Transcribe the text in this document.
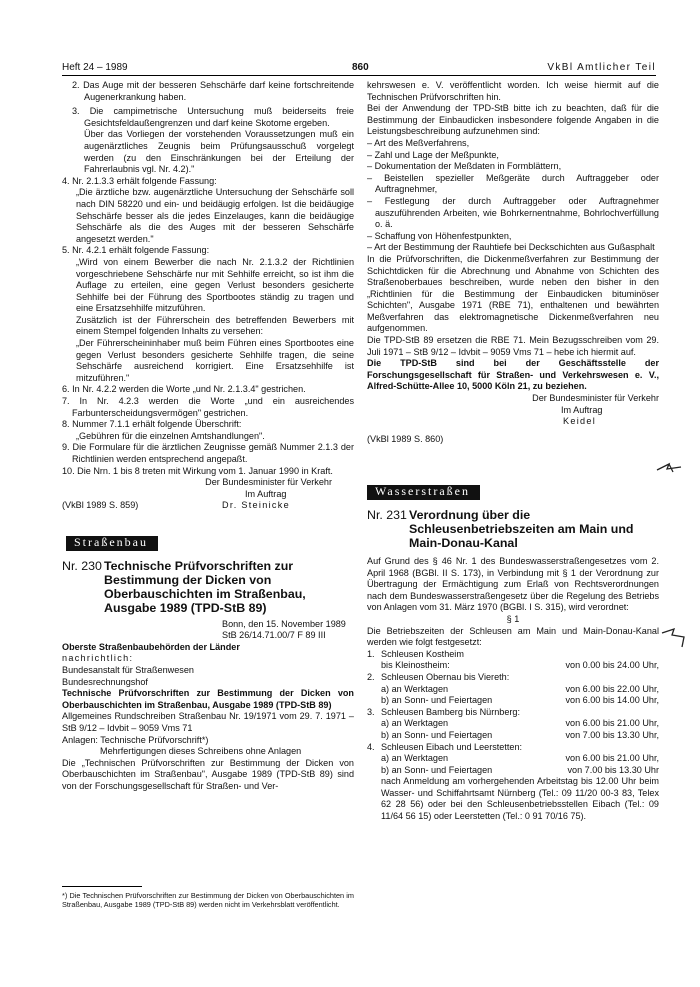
Heft 24 – 1989	860	VkBl Amtlicher Teil

2. Das Auge mit der besseren Sehschärfe darf keine fortschreitende Augenerkrankung haben.

3. Die campimetrische Untersuchung muß beiderseits freie Gesichtsfeldaußengrenzen und darf keine Skotome ergeben.

Über das Vorliegen der vorstehenden Voraussetzungen muß ein augenärztliches Zeugnis beim Prüfungsausschuß vorgelegt werden (zu den Einschränkungen bei der Erteilung der Fahrerlaubnis vgl. Nr. 4.2)."

4. Nr. 2.1.3.3 erhält folgende Fassung:

„Die ärztliche bzw. augenärztliche Untersuchung der Sehschärfe soll nach DIN 58220 und ein- und beidäugig erfolgen. Ist die beidäugige Sehschärfe besser als die jedes Einzelauges, kann die beidäugige Sehschärfe als die des Auges mit der besseren Sehschärfe angesetzt werden."

5. Nr. 4.2.1 erhält folgende Fassung:

„Wird von einem Bewerber die nach Nr. 2.1.3.2 der Richtlinien vorgeschriebene Sehschärfe nur mit Sehhilfe erreicht, so ist ihm die Auflage zu erteilen, eine gegen Verlust besonders gesicherte Sehhilfe bei der Führung des Sportbootes ständig zu tragen und eine Ersatzsehhilfe mitzuführen.

Zusätzlich ist der Führerschein des betreffenden Bewerbers mit einem Stempel folgenden Inhalts zu versehen:

„Der Führerscheininhaber muß beim Führen eines Sportbootes eine gegen Verlust besonders gesicherte Sehhilfe tragen, die seine Sehschärfe ausreichend korrigiert. Eine Ersatzsehhilfe ist mitzuführen."

6. In Nr. 4.2.2 werden die Worte „und Nr. 2.1.3.4" gestrichen.

7. In Nr. 4.2.3 werden die Worte „und ein ausreichendes Farbunterscheidungsvermögen" gestrichen.

8. Nummer 7.1.1 erhält folgende Überschrift:

„Gebühren für die einzelnen Amtshandlungen".

9. Die Formulare für die ärztlichen Zeugnisse gemäß Nummer 2.1.3 der Richtlinien werden entsprechend angepaßt.

10. Die Nrn. 1 bis 8 treten mit Wirkung vom 1. Januar 1990 in Kraft.

Der Bundesminister für Verkehr

Im Auftrag

(VkBl 1989 S. 859)	Dr. Steinicke
Straßenbau
Nr. 230 Technische Prüfvorschriften zur Bestimmung der Dicken von Oberbauschichten im Straßenbau, Ausgabe 1989 (TPD-StB 89)

Bonn, den 15. November 1989

StB 26/14.71.00/7 F 89 III

Oberste Straßenbaubehörden der Länder

nachrichtlich:

Bundesanstalt für Straßenwesen

Bundesrechnungshof

Technische Prüfvorschriften zur Bestimmung der Dicken von Oberbauschichten im Straßenbau, Ausgabe 1989 (TPD-StB 89)

Allgemeines Rundschreiben Straßenbau Nr. 19/1971 vom 29. 7. 1971 – StB 9/12 – Idvbit – 9059 Vms 71

Anlagen: Technische Prüfvorschrift*)

Mehrfertigungen dieses Schreibens ohne Anlagen

Die „Technischen Prüfvorschriften zur Bestimmung der Dicken von Oberbauschichten im Straßenbau", Ausgabe 1989 (TPD-StB 89) sind von der Forschungsgesellschaft für Straßen- und Ver-

*) Die Technischen Prüfvorschriften zur Bestimmung der Dicken von Oberbauschichten im Straßenbau, Ausgabe 1989 (TPD-StB 89) werden nicht im Verkehrsblatt veröffentlicht.

kehrswesen e. V. veröffentlicht worden. Ich weise hiermit auf die Technischen Prüfvorschriften hin.

Bei der Anwendung der TPD-StB bitte ich zu beachten, daß für die Bestimmung der Einbaudicken insbesondere folgende Angaben in die Leistungsbeschreibung aufzunehmen sind:

– Art des Meßverfahrens,

– Zahl und Lage der Meßpunkte,

– Dokumentation der Meßdaten in Formblättern,

– Beistellen spezieller Meßgeräte durch Auftraggeber oder Auftragnehmer,

– Festlegung der durch Auftraggeber oder Auftragnehmer auszuführenden Arbeiten, wie Bohrkernentnahme, Bohrlochverfüllung o. ä.

– Schaffung von Höhenfestpunkten,

– Art der Bestimmung der Rauhtiefe bei Deckschichten aus Gußasphalt

In die Prüfvorschriften, die Dickenmeßverfahren zur Bestimmung der Schichtdicken für die Abrechnung und Abnahme von Schichten des Straßenoberbaues beschreiben, wurde neben den bisher in den „Richtlinien für die Bestimmung der Einbaudicken bituminöser Schichten", Ausgabe 1971 (RBE 71), enthaltenen und bewährten Meßverfahren das elektromagnetische Dickenmeßverfahren neu aufgenommen.

Die TPD-StB 89 ersetzen die RBE 71. Mein Bezugsschreiben vom 29. Juli 1971 – StB 9/12 – Idvbit – 9059 Vms 71 – hebe ich hiermit auf.

Die TPD-StB sind bei der Geschäftsstelle der Forschungsgesellschaft für Straßen- und Verkehrswesen e. V., Alfred-Schütte-Allee 10, 5000 Köln 21, zu beziehen.

Der Bundesminister für Verkehr

Im Auftrag

Keidel

(VkBl 1989 S. 860)

Wasserstraßen
Nr. 231 Verordnung über die Schleusenbetriebszeiten am Main und Main-Donau-Kanal

Auf Grund des § 46 Nr. 1 des Bundeswasserstraßengesetzes vom 2. April 1968 (BGBl. II S. 173), in Verbindung mit § 1 der Verordnung zur Übertragung der Ermächtigung zum Erlaß von Rechtsverordnungen nach dem Bundeswasserstraßengesetz über die Regelung des Betriebs von Anlagen vom 31. März 1970 (BGBl. I S. 315), wird verordnet:

§ 1

Die Betriebszeiten der Schleusen am Main und Main-Donau-Kanal werden wie folgt festgesetzt:

1.	Schleusen Kostheim	
	bis Kleinostheim:	von 0.00 bis 24.00 Uhr,
2.	Schleusen Obernau bis Viereth:	
	a) an Werktagen	von 6.00 bis 22.00 Uhr,
	b) an Sonn- und Feiertagen	von 6.00 bis 14.00 Uhr,
3.	Schleusen Bamberg bis Nürnberg:	
	a) an Werktagen	von 6.00 bis 21.00 Uhr,
	b) an Sonn- und Feiertagen	von 7.00 bis 13.30 Uhr,
4.	Schleusen Eibach und Leerstetten:	
	a) an Werktagen	von 6.00 bis 21.00 Uhr,
	b) an Sonn- und Feiertagen	von 7.00 bis 13.30 Uhr

nach Anmeldung am vorhergehenden Arbeitstag bis 12.00 Uhr beim Wasser- und Schiffahrtsamt Nürnberg (Tel.: 09 11/20 00-3 83, Telex 62 28 56) oder bei den Schleusenbetriebsstellen Eibach (Tel.: 09 11/64 56 15) oder Leerstetten (Tel.: 0 91 70/16 75).
